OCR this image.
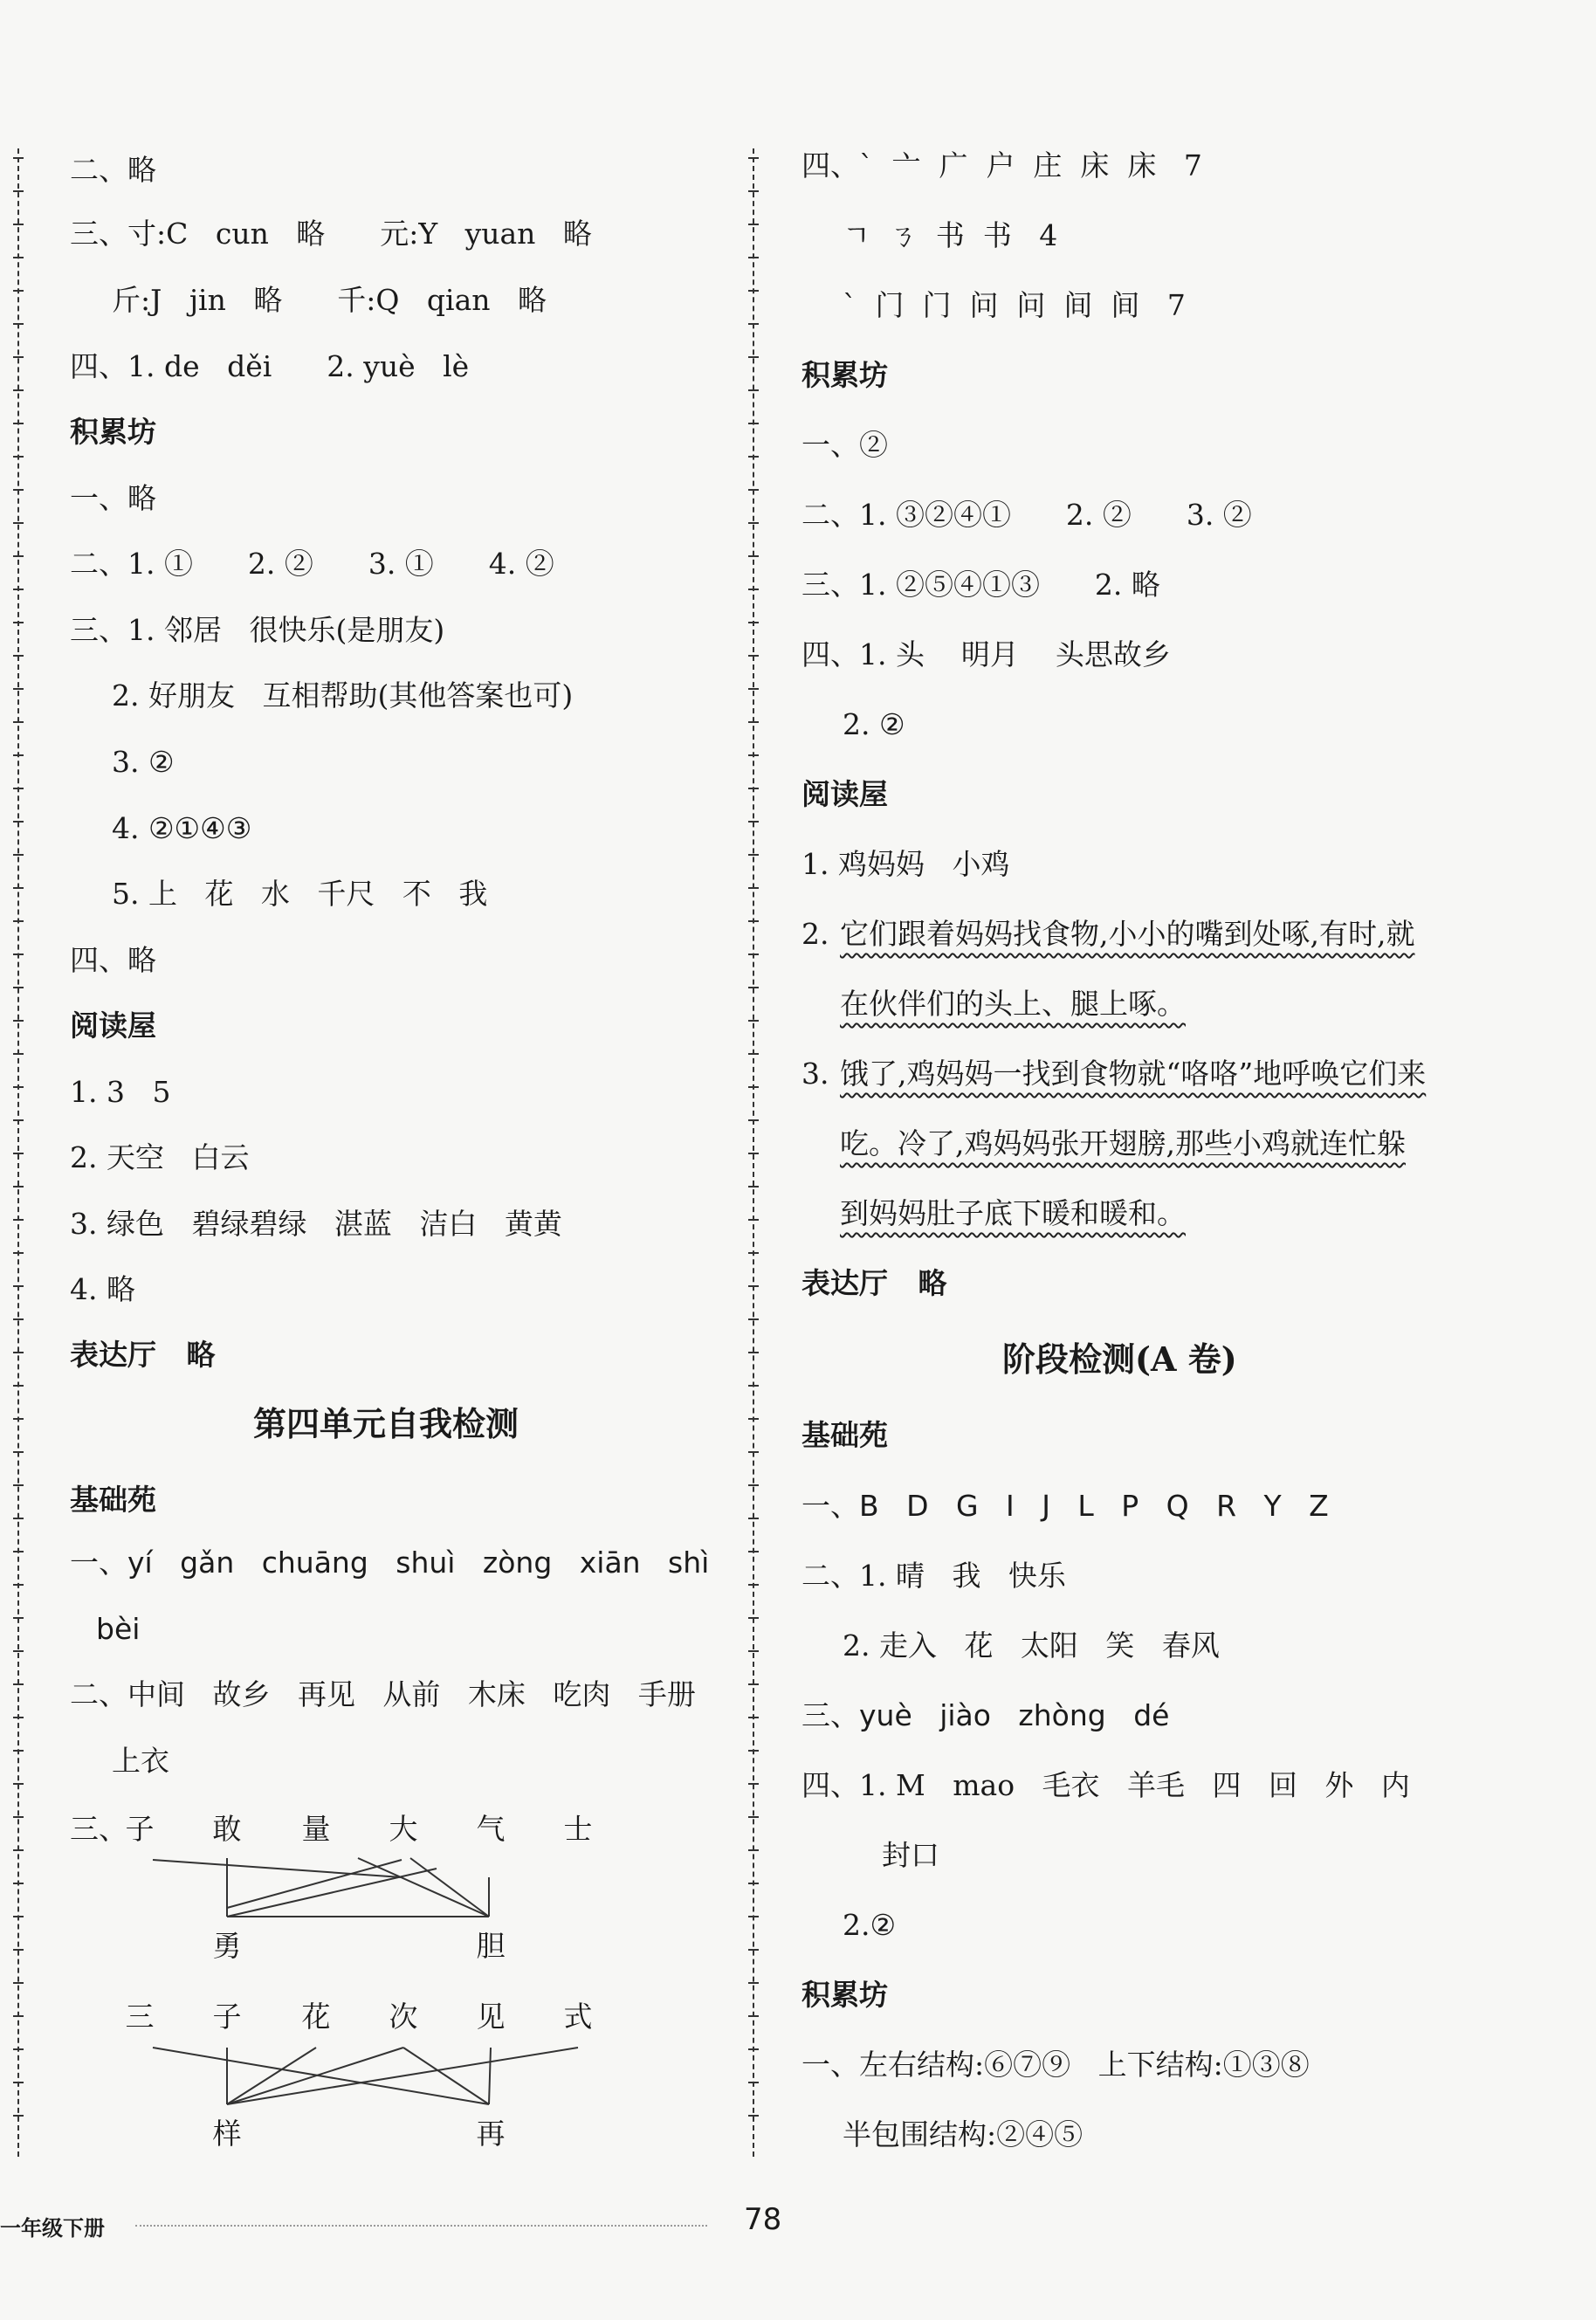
二、略
三、寸:C   cun   略      元:Y   yuan   略
斤:J   jin   略      千:Q   qian   略
四、1. de   děi      2. yuè   lè
积累坊
一、略
二、1. ①      2. ②      3. ①      4. ②
三、1. 邻居   很快乐(是朋友)
2. 好朋友   互相帮助(其他答案也可)
3. ②
4. ②①④③
5. 上   花   水   千尺   不   我
四、略
阅读屋
1. 3   5
2. 天空   白云
3. 绿色   碧绿碧绿   湛蓝   洁白   黄黄
4. 略
表达厅   略
第四单元自我检测
基础苑
一、yí   gǎn   chuāng   shuì   zòng   xiān   shì
bèi
二、中间   故乡   再见   从前   木床   吃肉   手册
上衣
三、
子 敢 量 大 气 士
勇	胆
三 子 花 次 见 式
样	再
四、`  亠  广  户  庄  床  床   7
ㄱ  ㄋ  书  书   4
`  门  门  问  问  间  间   7
积累坊
一、②
二、1. ③②④①      2. ②      3. ②
三、1. ②⑤④①③      2. 略
四、1. 头    明月    头思故乡
2. ②
阅读屋
1. 鸡妈妈   小鸡
2. 它们跟着妈妈找食物,小小的嘴到处啄,有时,就
在伙伴们的头上、腿上啄。
3. 饿了,鸡妈妈一找到食物就“咯咯”地呼唤它们来
吃。冷了,鸡妈妈张开翅膀,那些小鸡就连忙躲
到妈妈肚子底下暖和暖和。
表达厅   略
阶段检测(A 卷)
基础苑
一、B   D   G   I   J   L   P   Q   R   Y   Z
二、1. 晴   我   快乐
2. 走入   花   太阳   笑   春风
三、yuè   jiào   zhòng   dé
四、1. M   mao   毛衣   羊毛   四   回   外   内
封口
2.②
积累坊
一、左右结构:⑥⑦⑨   上下结构:①③⑧
半包围结构:②④⑤
一年级下册	78
